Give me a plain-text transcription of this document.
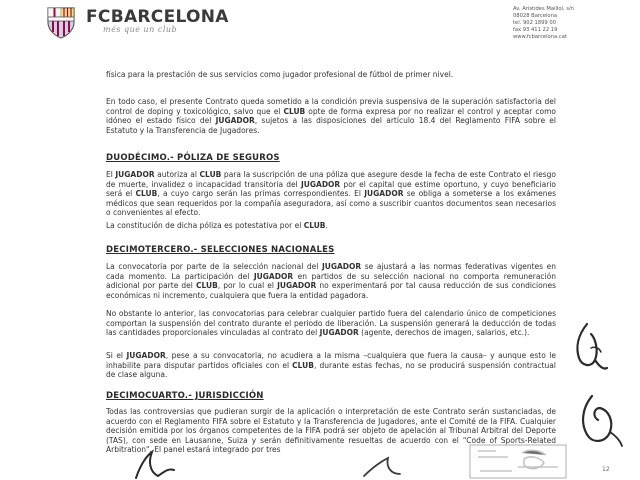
FCBARCELONA
més que un club
Av. Arístides Maillol, s/n
08028 Barcelona
tel. 902 1899 00
fax 93 411 22 19
www.fcbarcelona.cat

física para la prestación de sus servicios como jugador profesional de fútbol de primer nivel.

En todo caso, el presente Contrato queda sometido a la condición previa suspensiva de la superación satisfactoria del control de doping y toxicológico, salvo que el CLUB opte de forma expresa por no realizar el control y aceptar como idóneo el estado físico del JUGADOR, sujetos a las disposiciones del artículo 18.4 del Reglamento FIFA sobre el Estatuto y la Transferencia de Jugadores.

DUODÉCIMO.- PÓLIZA DE SEGUROS

El JUGADOR autoriza al CLUB para la suscripción de una póliza que asegure desde la fecha de este Contrato el riesgo de muerte, invalidez o incapacidad transitoria del JUGADOR por el capital que estime oportuno, y cuyo beneficiario será el CLUB, a cuyo cargo serán las primas correspondientes. El JUGADOR se obliga a someterse a los exámenes médicos que sean requeridos por la compañía aseguradora, así como a suscribir cuantos documentos sean necesarios o convenientes al efecto.

La constitución de dicha póliza es potestativa por el CLUB.

DECIMOTERCERO.- SELECCIONES NACIONALES

La convocatoria por parte de la selección nacional del JUGADOR se ajustará a las normas federativas vigentes en cada momento. La participación del JUGADOR en partidos de su selección nacional no comporta remuneración adicional por parte del CLUB, por lo cual el JUGADOR no experimentará por tal causa reducción de sus condiciones económicas ni incremento, cualquiera que fuera la entidad pagadora.

No obstante lo anterior, las convocatorias para celebrar cualquier partido fuera del calendario único de competiciones comportan la suspensión del contrato durante el periodo de liberación. La suspensión generará la deducción de todas las cantidades proporcionales vinculadas al contrato del JUGADOR (agente, derechos de imagen, salarios, etc.).

Si el JUGADOR, pese a su convocatoria, no acudiera a la misma –cualquiera que fuera la causa– y aunque esto le inhabilite para disputar partidos oficiales con el CLUB, durante estas fechas, no se producirá suspensión contractual de clase alguna.

DECIMOCUARTO.- JURISDICCIÓN

Todas las controversias que pudieran surgir de la aplicación o interpretación de este Contrato serán sustanciadas, de acuerdo con el Reglamento FIFA sobre el Estatuto y la Transferencia de Jugadores, ante el Comité de la FIFA. Cualquier decisión emitida por los órganos competentes de la FIFA podrá ser objeto de apelación al Tribunal Arbitral del Deporte (TAS), con sede en Lausanne, Suiza y serán definitivamente resueltas de acuerdo con el "Code of Sports-Related Arbitration". El panel estará integrado por tres

12
